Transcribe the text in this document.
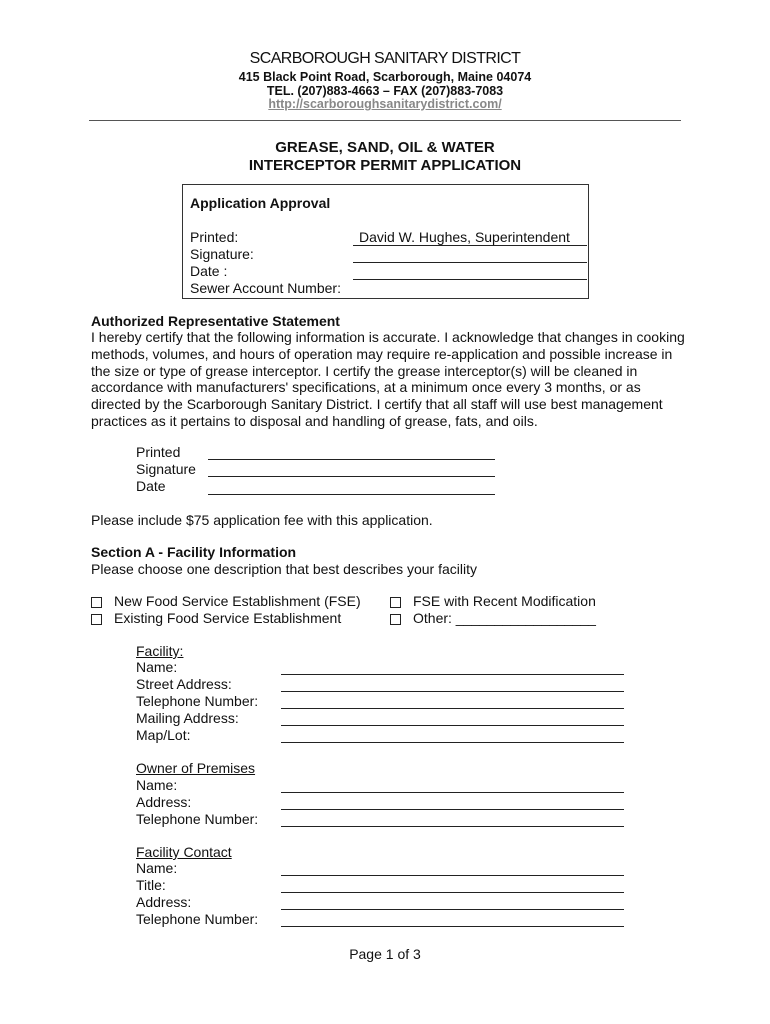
SCARBOROUGH SANITARY DISTRICT
415 Black Point Road, Scarborough, Maine 04074
TEL. (207)883-4663 – FAX (207)883-7083
http://scarboroughsanitarydistrict.com/
GREASE, SAND, OIL & WATER
INTERCEPTOR PERMIT APPLICATION
Application Approval
Printed:	David W. Hughes, Superintendent
Signature:
Date :
Sewer Account Number:
Authorized Representative Statement
I hereby certify that the following information is accurate. I acknowledge that changes in cooking
methods, volumes, and hours of operation may require re-application and possible increase in
the size or type of grease interceptor. I certify the grease interceptor(s) will be cleaned in
accordance with manufacturers' specifications, at a minimum once every 3 months, or as
directed by the Scarborough Sanitary District. I certify that all staff will use best management
practices as it pertains to disposal and handling of grease, fats, and oils.
Printed
Signature
Date
Please include $75 application fee with this application.
Section A - Facility Information
Please choose one description that best describes your facility
New Food Service Establishment (FSE)
Existing Food Service Establishment
FSE with Recent Modification
Other: __________________
Facility:
Name:
Street Address:
Telephone Number:
Mailing Address:
Map/Lot:
Owner of Premises
Name:
Address:
Telephone Number:
Facility Contact
Name:
Title:
Address:
Telephone Number:
Page 1 of 3
